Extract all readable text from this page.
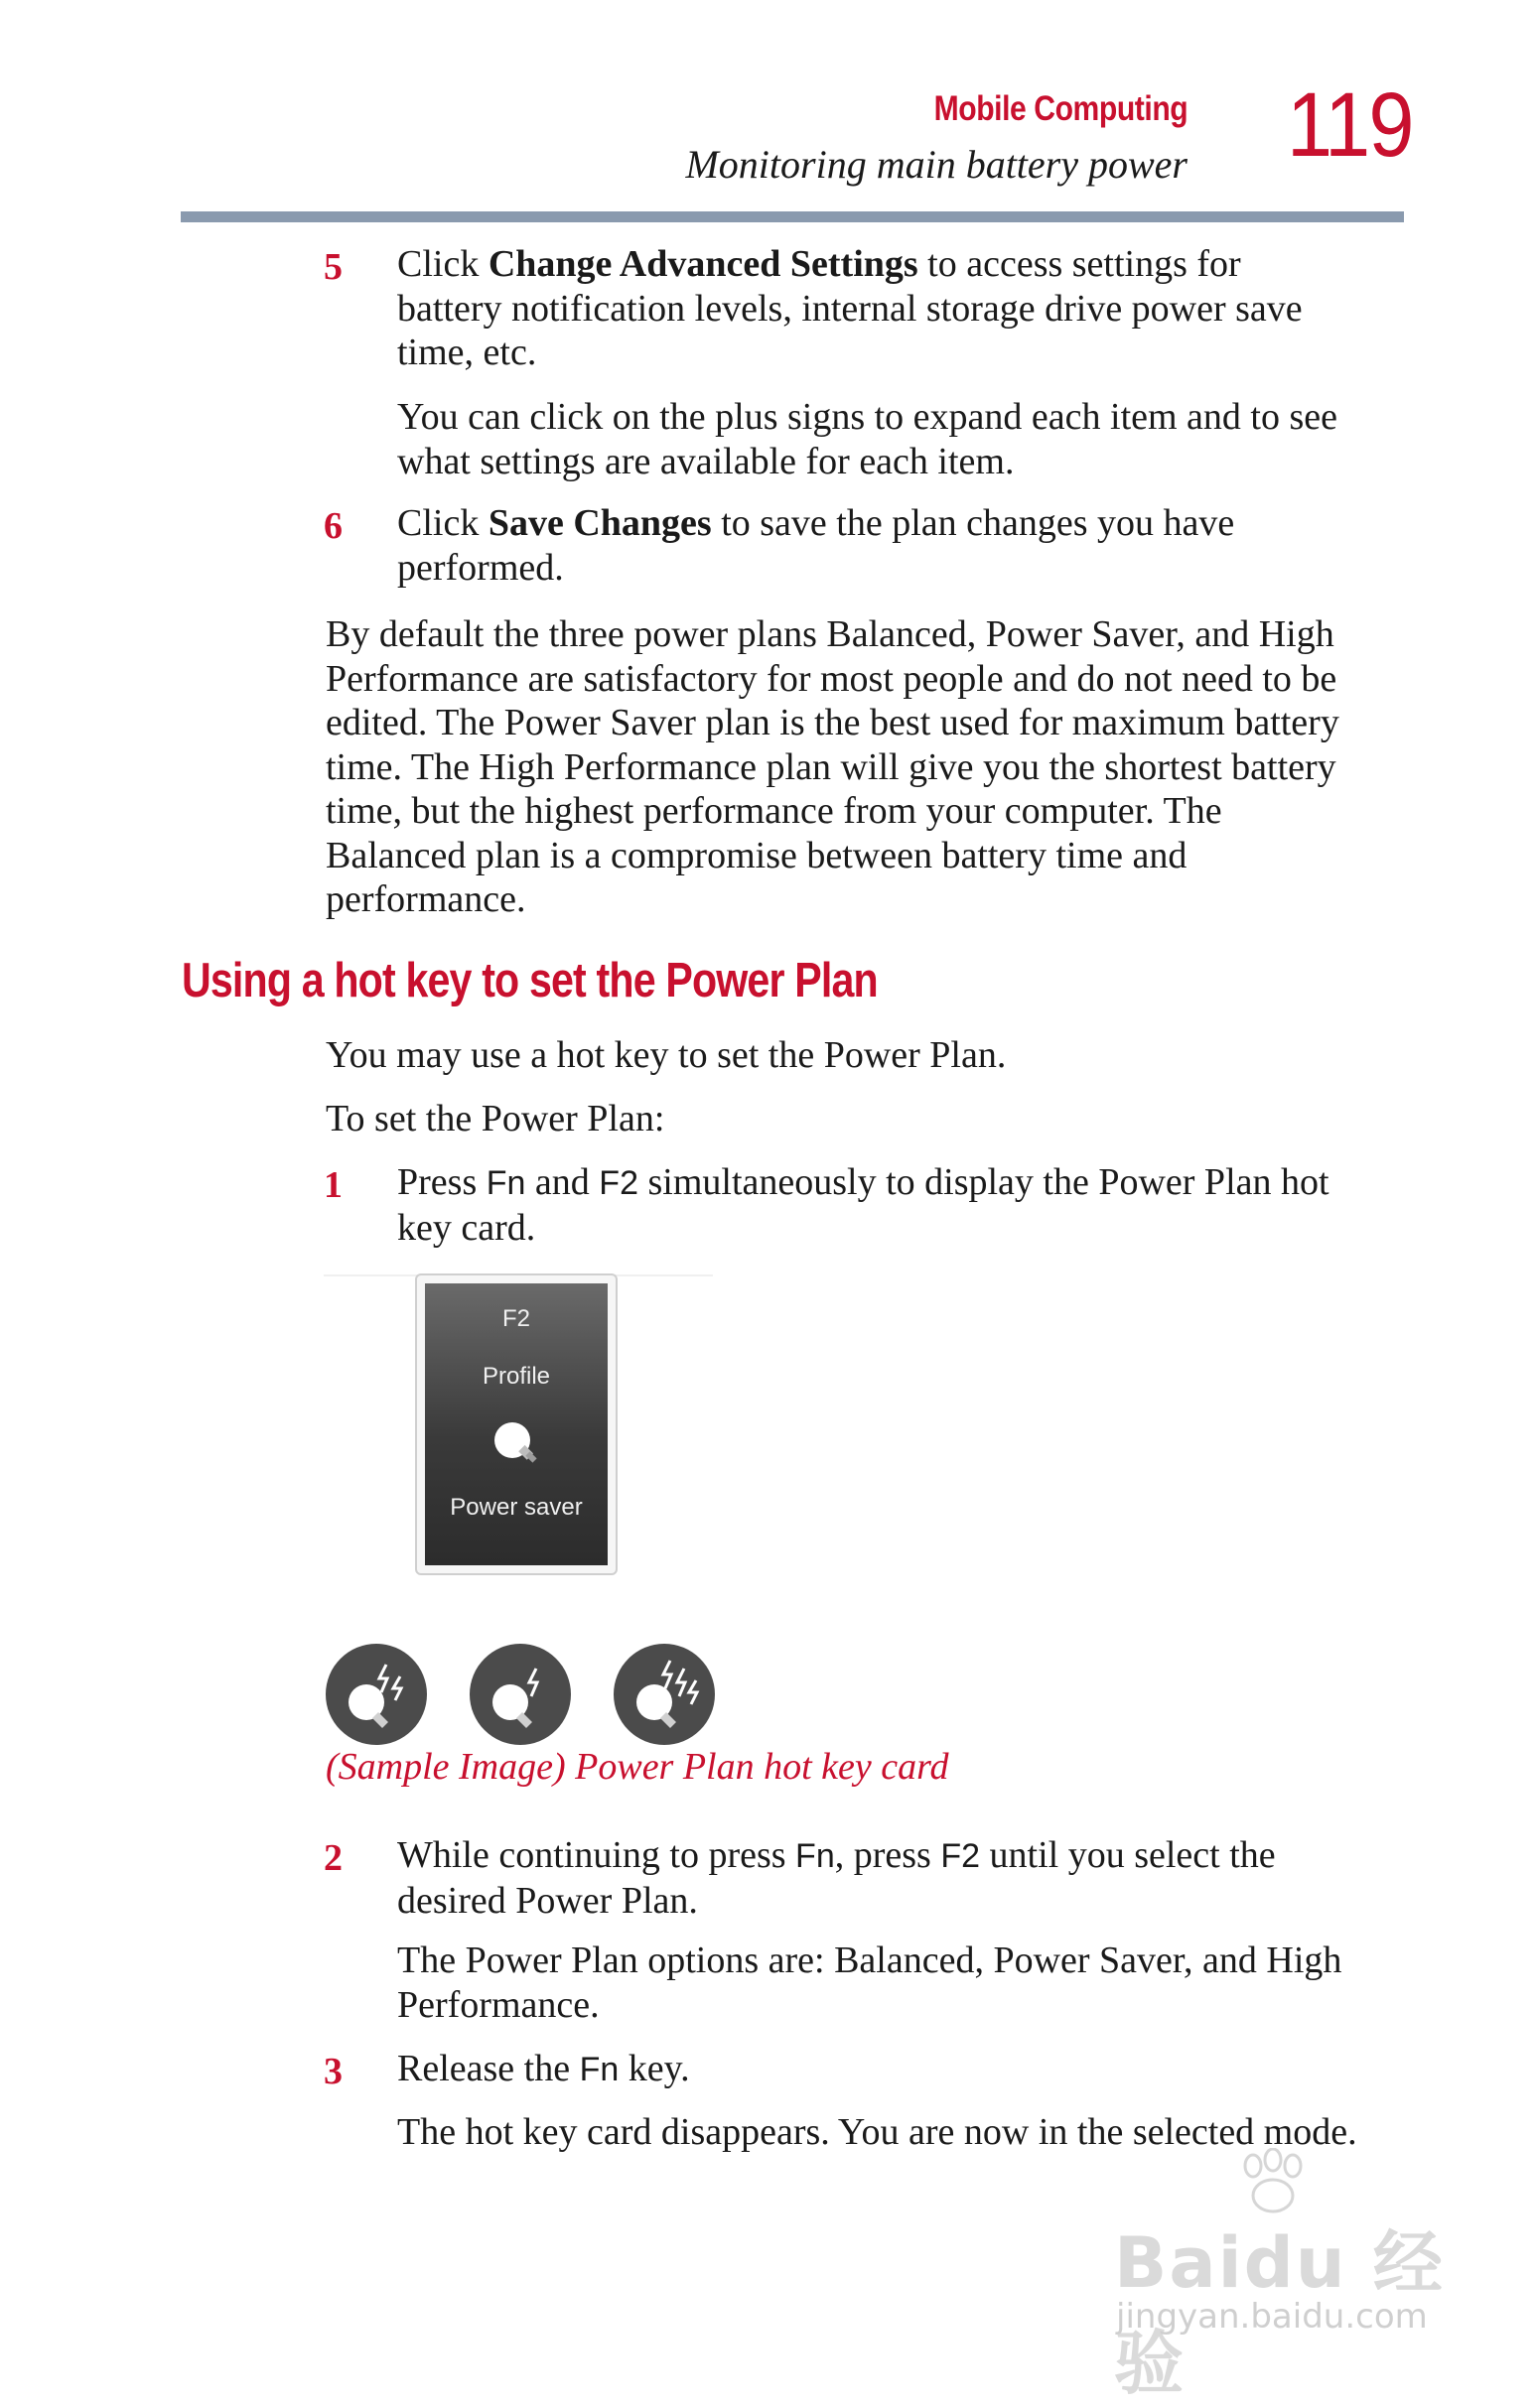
Mobile Computing
Monitoring main battery power 119
5 Click Change Advanced Settings to access settings for
battery notification levels, internal storage drive power save
time, etc.
You can click on the plus signs to expand each item and to see
what settings are available for each item.
6 Click Save Changes to save the plan changes you have
performed.
By default the three power plans Balanced, Power Saver, and High
Performance are satisfactory for most people and do not need to be
edited. The Power Saver plan is the best used for maximum battery
time. The High Performance plan will give you the shortest battery
time, but the highest performance from your computer. The
Balanced plan is a compromise between battery time and
performance.
Using a hot key to set the Power Plan
You may use a hot key to set the Power Plan.
To set the Power Plan:
1 Press Fn and F2 simultaneously to display the Power Plan hot
key card.
F2
Profile
Power saver
(Sample Image) Power Plan hot key card
2 While continuing to press Fn, press F2 until you select the
desired Power Plan.
The Power Plan options are: Balanced, Power Saver, and High
Performance.
3 Release the Fn key.
The hot key card disappears. You are now in the selected mode.
Baidu 经验
jingyan.baidu.com
